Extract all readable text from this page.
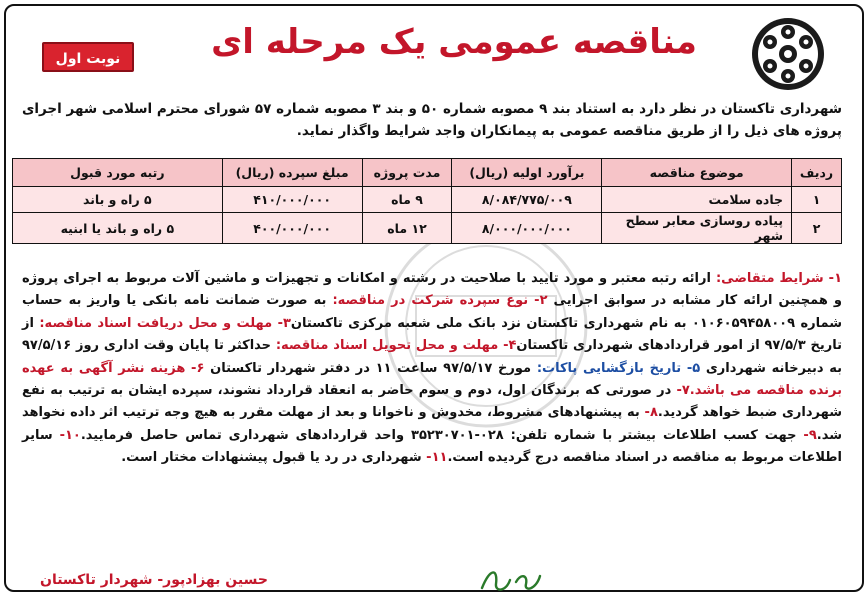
مناقصه عمومی یک مرحله ای
نوبت اول
شهرداری تاکستان در نظر دارد به استناد بند ۹ مصوبه شماره ۵۰ و بند ۳ مصوبه شماره ۵۷ شورای محترم اسلامی شهر اجرای پروژه های ذیل را از طریق مناقصه عمومی به پیمانکاران واجد شرایط واگذار نماید.
ردیف	موضوع مناقصه	برآورد اولیه (ریال)	مدت پروژه	مبلغ سپرده (ریال)	رتبه مورد قبول
۱	جاده سلامت	۸/۰۸۴/۷۷۵/۰۰۹	۹ ماه	۴۱۰/۰۰۰/۰۰۰	۵ راه و باند
۲	پیاده روسازی معابر سطح شهر	۸/۰۰۰/۰۰۰/۰۰۰	۱۲ ماه	۴۰۰/۰۰۰/۰۰۰	۵ راه و باند یا ابنیه
۱- شرایط متقاضی: ارائه رتبه معتبر و مورد تایید با صلاحیت در رشته و امکانات و تجهیزات و ماشین آلات مربوط به اجرای پروژه و همچنین ارائه کار مشابه در سوابق اجرایی ۲- نوع سپرده شرکت در مناقصه: به صورت ضمانت نامه بانکی یا واریز به حساب شماره ۰۱۰۶۰۵۹۴۵۸۰۰۹ به نام شهرداری تاکستان نزد بانک ملی شعبه مرکزی تاکستان۳- مهلت و محل دریافت اسناد مناقصه: از تاریخ ۹۷/۵/۳ از امور قراردادهای شهرداری تاکستان۴- مهلت و محل تحویل اسناد مناقصه: حداکثر تا پایان وقت اداری روز ۹۷/۵/۱۶ به دبیرخانه شهرداری ۵- تاریخ بازگشایی پاکات: مورخ ۹۷/۵/۱۷ ساعت ۱۱ در دفتر شهردار تاکستان ۶- هزینه نشر آگهی به عهده برنده مناقصه می باشد.۷- در صورتی که برندگان اول، دوم و سوم حاضر به انعقاد قرارداد نشوند، سپرده ایشان به ترتیب به نفع شهرداری ضبط خواهد گردید.۸- به پیشنهادهای مشروط، مخدوش و ناخوانا و بعد از مهلت مقرر به هیچ وجه ترتیب اثر داده نخواهد شد.۹- جهت کسب اطلاعات بیشتر با شماره تلفن: ۰۲۸-۳۵۲۳۰۷۰۱ واحد قراردادهای شهرداری تماس حاصل فرمایید.۱۰- سایر اطلاعات مربوط به مناقصه در اسناد مناقصه درج گردیده است.۱۱- شهرداری در رد یا قبول پیشنهادات مختار است.
حسین بهزادپور- شهردار تاکستان
